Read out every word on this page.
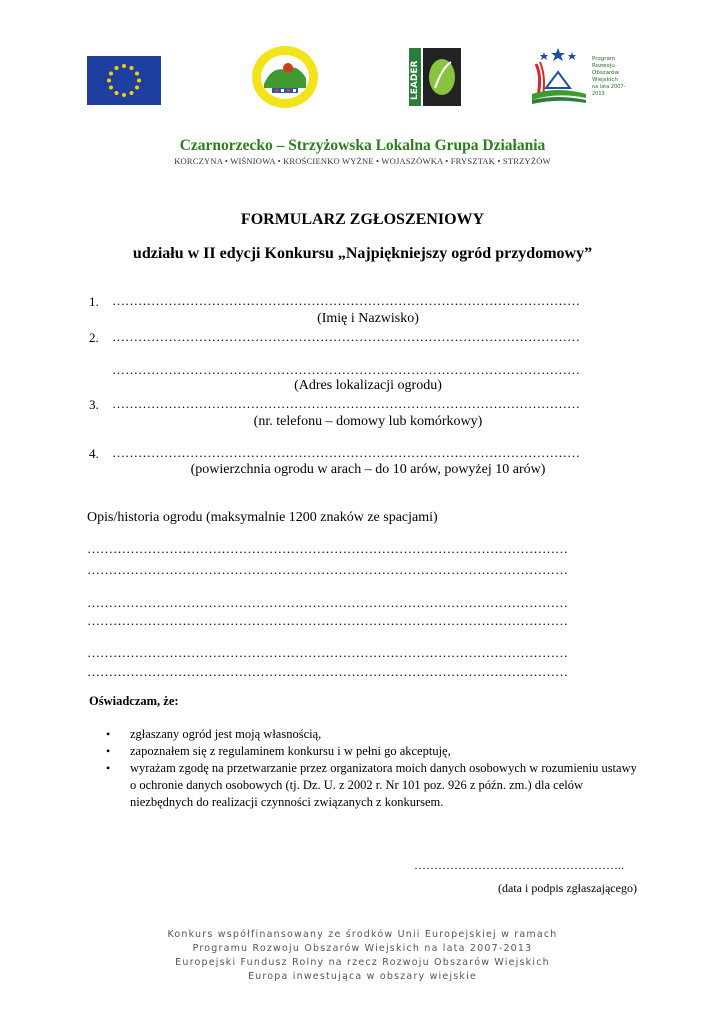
LEADER
Program
Rozwoju
Obszarów
Wiejskich
na lata 2007-2013
Czarnorzecko – Strzyżowska Lokalna Grupa Działania
KORCZYNA • WIŚNIOWA • KROŚCIENKO WYŻNE • WOJASZÓWKA • FRYSZTAK • STRZYŻÓW
FORMULARZ ZGŁOSZENIOWY
udziału w II edycji Konkursu „Najpiękniejszy ogród przydomowy”
1. ………………………………………………………………………………………………
(Imię i Nazwisko)
2. ………………………………………………………………………………………………
………………………………………………………………………………………………
(Adres lokalizacji ogrodu)
3. ………………………………………………………………………………………………
(nr. telefonu – domowy lub komórkowy)
4. ………………………………………………………………………………………………
(powierzchnia ogrodu w arach – do 10 arów, powyżej 10 arów)
Opis/historia ogrodu (maksymalnie 1200 znaków ze spacjami)
…………………………………………………………………………………………………
…………………………………………………………………………………………………
…………………………………………………………………………………………………
…………………………………………………………………………………………………
…………………………………………………………………………………………………
…………………………………………………………………………………………………
Oświadczam, że:
• zgłaszany ogród jest moją własnością,
• zapoznałem się z regulaminem konkursu i w pełni go akceptuję,
• wyrażam zgodę na przetwarzanie przez organizatora moich danych osobowych w rozumieniu ustawy o ochronie danych osobowych (tj. Dz. U. z 2002 r. Nr 101 poz. 926 z późn. zm.) dla celów niezbędnych do realizacji czynności związanych z konkursem.
……………………………………………..
(data i podpis zgłaszającego)
Konkurs współfinansowany ze środków Unii Europejskiej w ramach
Programu Rozwoju Obszarów Wiejskich na lata 2007-2013
Europejski Fundusz Rolny na rzecz Rozwoju Obszarów Wiejskich
Europa inwestująca w obszary wiejskie
